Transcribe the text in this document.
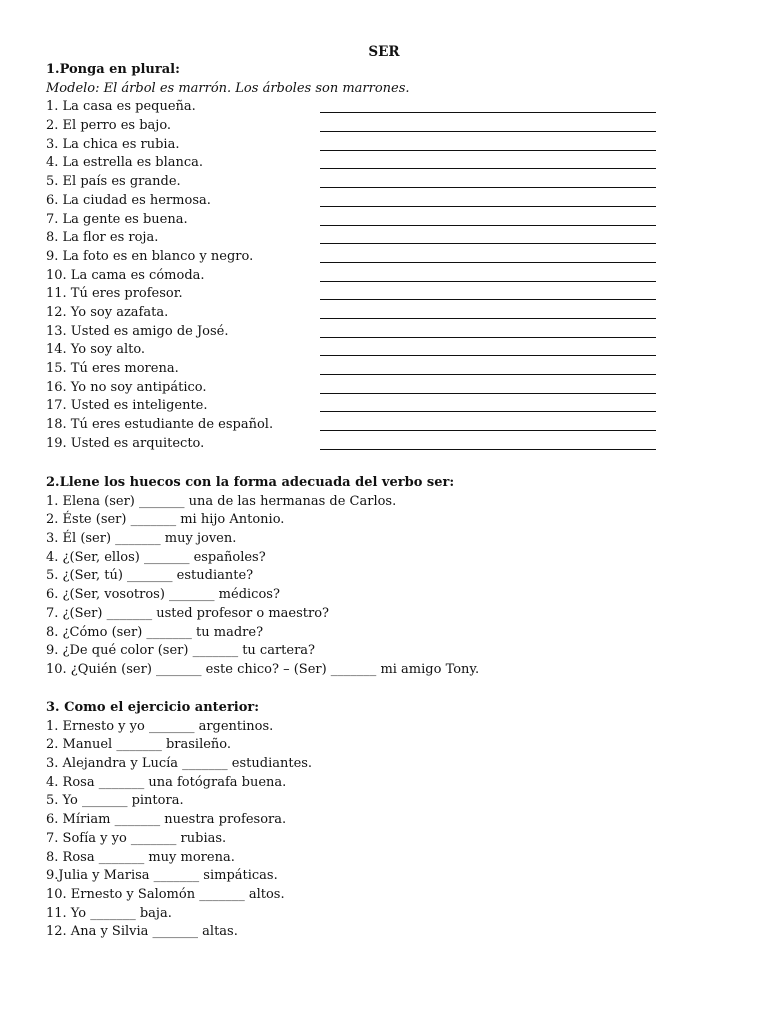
SER
1.Ponga en plural:
Modelo: El árbol es marrón. Los árboles son marrones.
1. La casa es pequeña.
2. El perro es bajo.
3. La chica es rubia.
4. La estrella es blanca.
5. El país es grande.
6. La ciudad es hermosa.
7. La gente es buena.
8. La flor es roja.
9. La foto es en blanco y negro.
10. La cama es cómoda.
11. Tú eres profesor.
12. Yo soy azafata.
13. Usted es amigo de José.
14. Yo soy alto.
15. Tú eres morena.
16. Yo no soy antipático.
17. Usted es inteligente.
18. Tú eres estudiante de español.
19. Usted es arquitecto.
2.Llene los huecos con la forma adecuada del verbo ser:
1. Elena (ser) _______ una de las hermanas de Carlos.
2. Éste (ser) _______ mi hijo Antonio.
3. Él (ser) _______ muy joven.
4. ¿(Ser, ellos) _______ españoles?
5. ¿(Ser, tú) _______ estudiante?
6. ¿(Ser, vosotros) _______ médicos?
7. ¿(Ser) _______ usted profesor o maestro?
8. ¿Cómo (ser) _______ tu madre?
9. ¿De qué color (ser) _______ tu cartera?
10. ¿Quién (ser) _______ este chico? – (Ser) _______ mi amigo Tony.
3. Como el ejercicio anterior:
1. Ernesto y yo _______ argentinos.
2. Manuel _______ brasileño.
3. Alejandra y Lucía _______ estudiantes.
4. Rosa _______ una fotógrafa buena.
5. Yo _______ pintora.
6. Míriam _______ nuestra profesora.
7. Sofía y yo _______ rubias.
8. Rosa _______ muy morena.
9.Julia y Marisa _______ simpáticas.
10. Ernesto y Salomón _______ altos.
11. Yo _______ baja.
12. Ana y Silvia _______ altas.
